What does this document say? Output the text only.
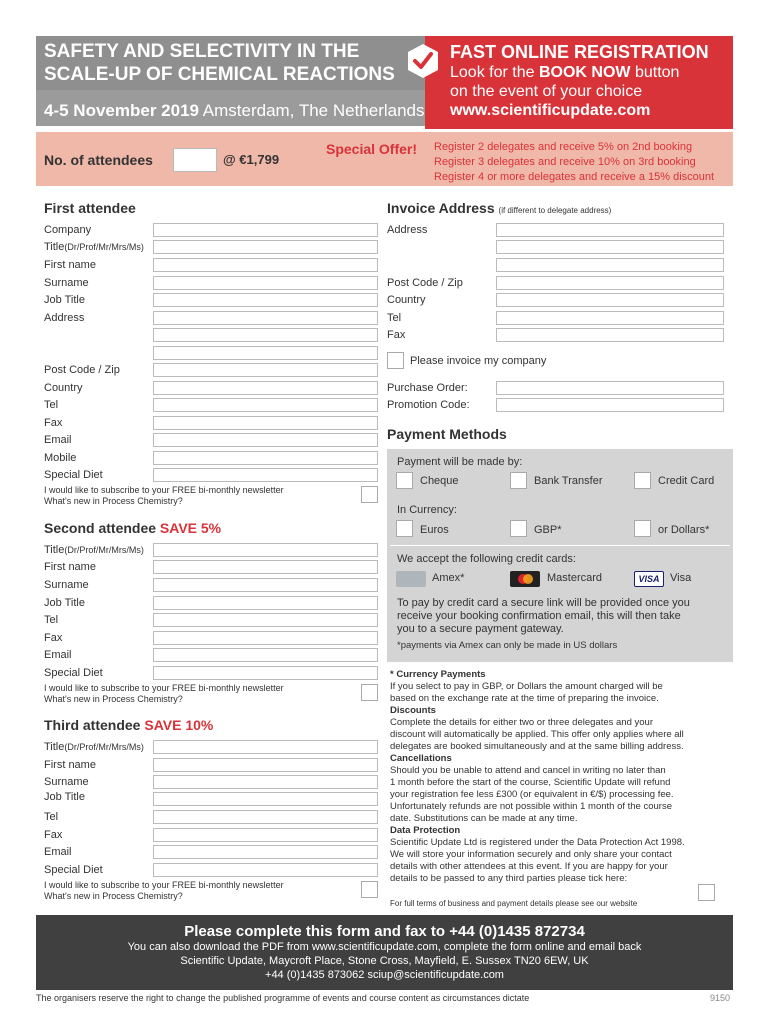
SAFETY AND SELECTIVITY IN THE
SCALE-UP OF CHEMICAL REACTIONS
4-5 November 2019 Amsterdam, The Netherlands
FAST ONLINE REGISTRATION
Look for the BOOK NOW button
on the event of your choice
www.scientificupdate.com
No. of attendees	@ €1,799
Special Offer! Register 2 delegates and receive 5% on 2nd booking
Register 3 delegates and receive 10% on 3rd booking
Register 4 or more delegates and receive a 15% discount
First attendee
Company
Title(Dr/Prof/Mr/Mrs/Ms)
First name
Surname
Job Title
Address
Post Code / Zip
Country
Tel
Fax
Email
Mobile
Special Diet
I would like to subscribe to your FREE bi-monthly newsletter
What's new in Process Chemistry?
Second attendee SAVE 5%
Title(Dr/Prof/Mr/Mrs/Ms)
First name
Surname
Job Title
Tel
Fax
Email
Special Diet
I would like to subscribe to your FREE bi-monthly newsletter
What's new in Process Chemistry?
Third attendee SAVE 10%
Title(Dr/Prof/Mr/Mrs/Ms)
First name
Surname
Job Title
Tel
Fax
Email
Special Diet
I would like to subscribe to your FREE bi-monthly newsletter
What's new in Process Chemistry?
Invoice Address (if different to delegate address)
Address
Post Code / Zip
Country
Tel
Fax
Please invoice my company
Purchase Order:
Promotion Code:
Payment Methods
Payment will be made by:
Cheque	Bank Transfer	Credit Card
In Currency:
Euros	GBP*	or Dollars*
We accept the following credit cards:
Amex*	Mastercard	VISA Visa
To pay by credit card a secure link will be provided once you
receive your booking confirmation email, this will then take
you to a secure payment gateway.
*payments via Amex can only be made in US dollars
* Currency Payments
If you select to pay in GBP, or Dollars the amount charged will be
based on the exchange rate at the time of preparing the invoice.
Discounts
Complete the details for either two or three delegates and your
discount will automatically be applied. This offer only applies where all
delegates are booked simultaneously and at the same billing address.
Cancellations
Should you be unable to attend and cancel in writing no later than
1 month before the start of the course, Scientific Update will refund
your registration fee less £300 (or equivalent in €/$) processing fee.
Unfortunately refunds are not possible within 1 month of the course
date. Substitutions can be made at any time.
Data Protection
Scientific Update Ltd is registered under the Data Protection Act 1998.
We will store your information securely and only share your contact
details with other attendees at this event. If you are happy for your
details to be passed to any third parties please tick here:
For full terms of business and payment details please see our website
Please complete this form and fax to +44 (0)1435 872734
You can also download the PDF from www.scientificupdate.com, complete the form online and email back
Scientific Update, Maycroft Place, Stone Cross, Mayfield, E. Sussex TN20 6EW, UK
+44 (0)1435 873062 sciup@scientificupdate.com
The organisers reserve the right to change the published programme of events and course content as circumstances dictate	9150
